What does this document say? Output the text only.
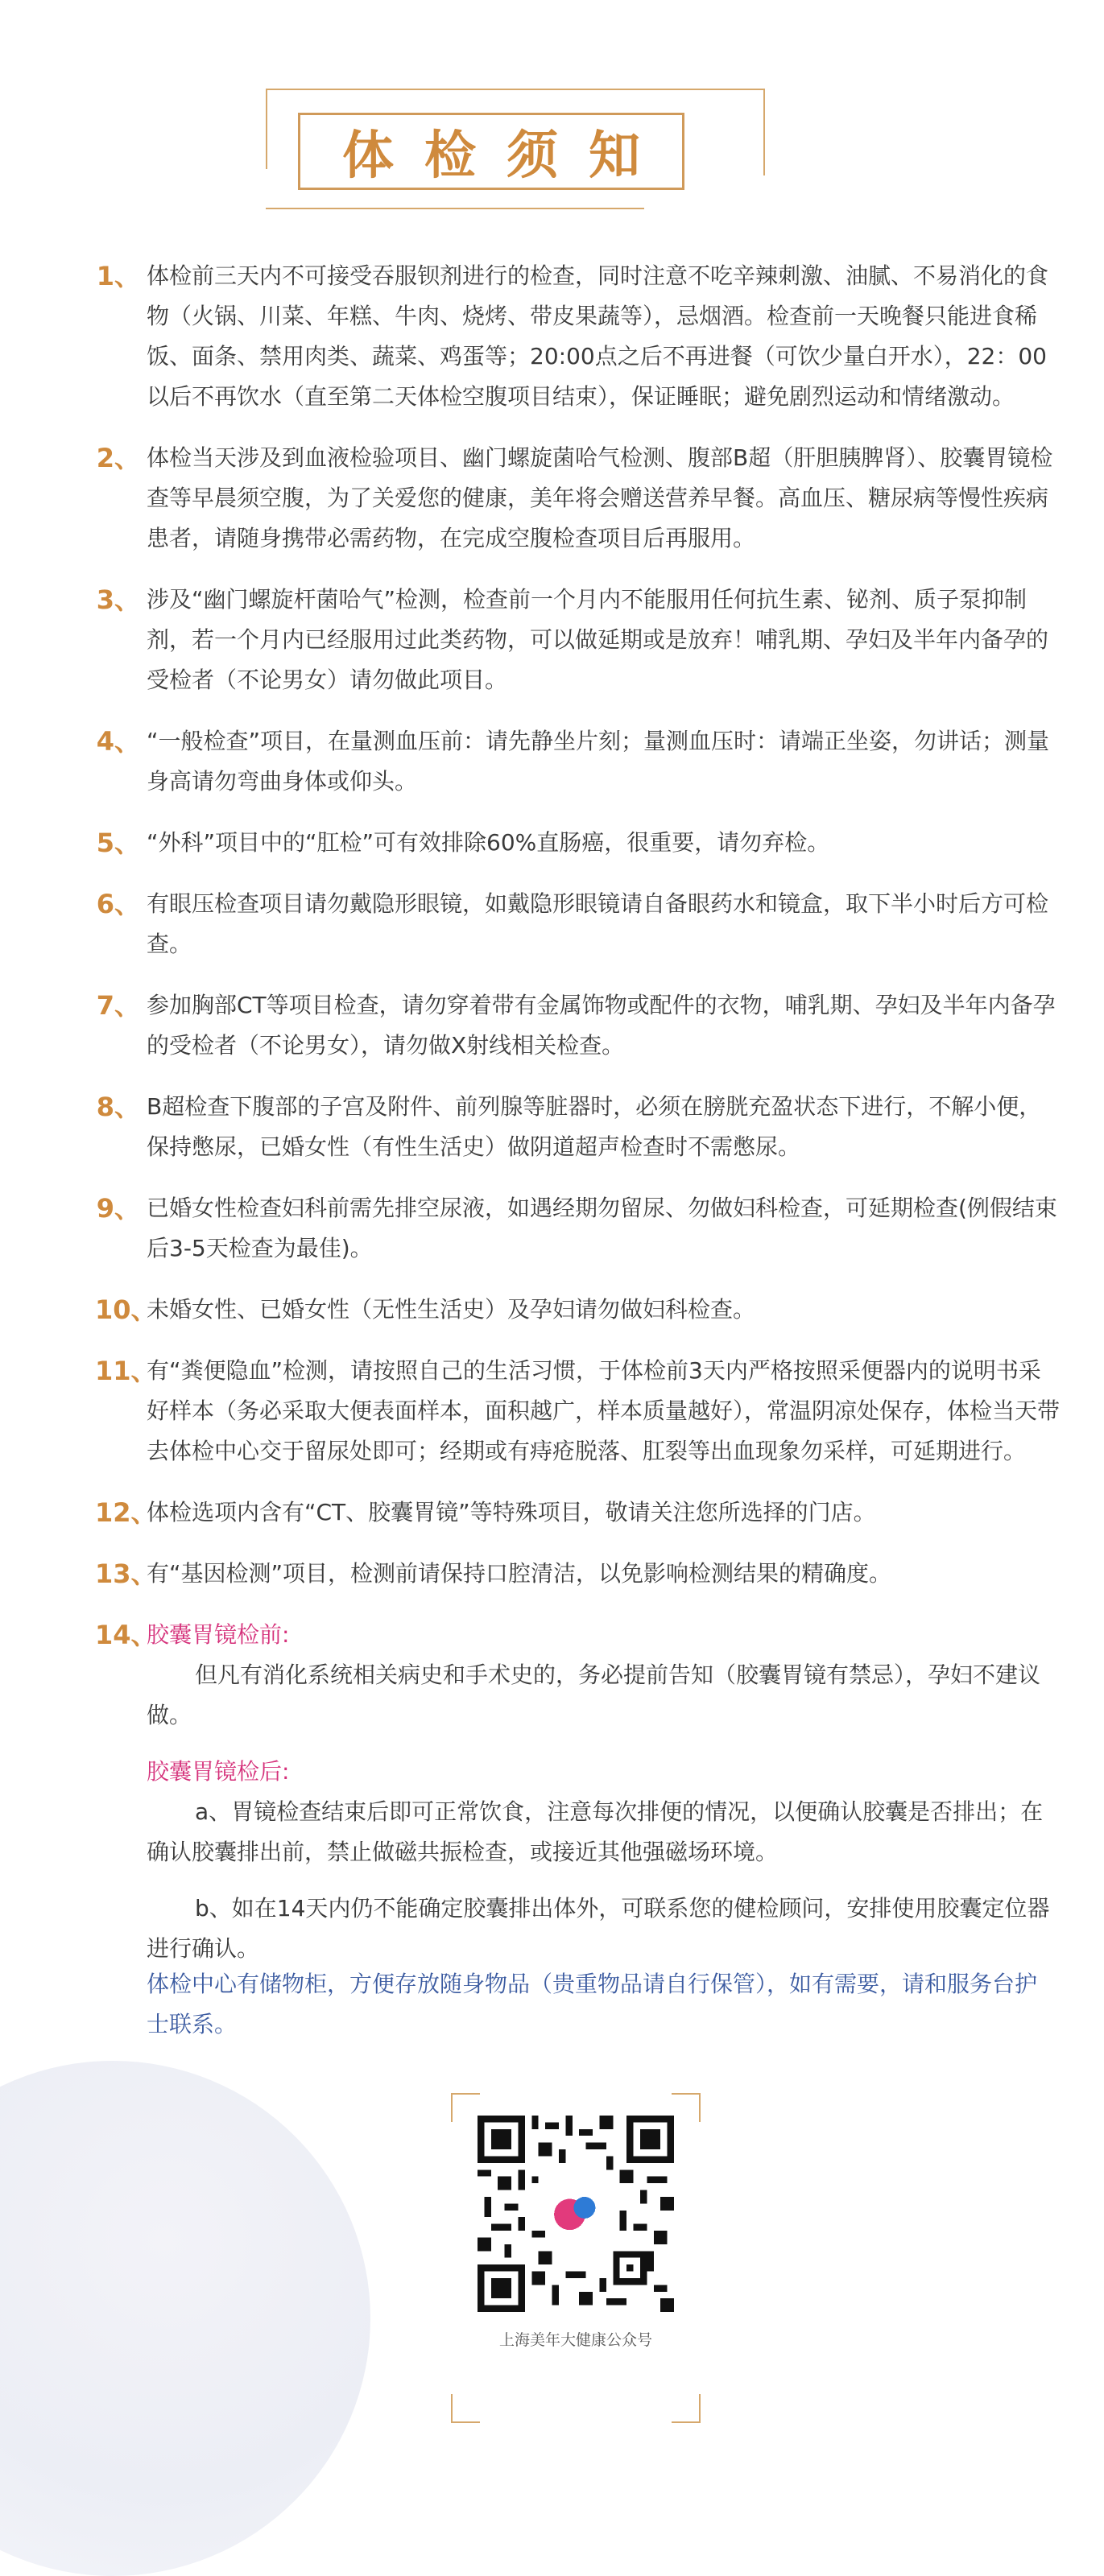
体检须知
1、 体检前三天内不可接受吞服钡剂进行的检查，同时注意不吃辛辣刺激、油腻、不易消化的食物（火锅、川菜、年糕、牛肉、烧烤、带皮果蔬等），忌烟酒。检查前一天晚餐只能进食稀饭、面条、禁用肉类、蔬菜、鸡蛋等；20:00点之后不再进餐（可饮少量白开水），22：00以后不再饮水（直至第二天体检空腹项目结束），保证睡眠；避免剧烈运动和情绪激动。
2、 体检当天涉及到血液检验项目、幽门螺旋菌哈气检测、腹部B超（肝胆胰脾肾）、胶囊胃镜检查等早晨须空腹，为了关爱您的健康，美年将会赠送营养早餐。高血压、糖尿病等慢性疾病患者，请随身携带必需药物，在完成空腹检查项目后再服用。
3、 涉及“幽门螺旋杆菌哈气”检测，检查前一个月内不能服用任何抗生素、铋剂、质子泵抑制剂，若一个月内已经服用过此类药物，可以做延期或是放弃！哺乳期、孕妇及半年内备孕的受检者（不论男女）请勿做此项目。
4、 “一般检查”项目，在量测血压前：请先静坐片刻；量测血压时：请端正坐姿，勿讲话；测量身高请勿弯曲身体或仰头。
5、 “外科”项目中的“肛检”可有效排除60%直肠癌，很重要，请勿弃检。
6、 有眼压检查项目请勿戴隐形眼镜，如戴隐形眼镜请自备眼药水和镜盒，取下半小时后方可检查。
7、 参加胸部CT等项目检查，请勿穿着带有金属饰物或配件的衣物，哺乳期、孕妇及半年内备孕的受检者（不论男女），请勿做X射线相关检查。
8、 B超检查下腹部的子宫及附件、前列腺等脏器时，必须在膀胱充盈状态下进行，不解小便，保持憋尿，已婚女性（有性生活史）做阴道超声检查时不需憋尿。
9、 已婚女性检查妇科前需先排空尿液，如遇经期勿留尿、勿做妇科检查，可延期检查(例假结束后3-5天检查为最佳)。
10、
未婚女性、已婚女性（无性生活史）及孕妇请勿做妇科检查。
11、
有“粪便隐血”检测，请按照自己的生活习惯，于体检前3天内严格按照采便器内的说明书采好样本（务必采取大便表面样本，面积越广，样本质量越好），常温阴凉处保存，体检当天带去体检中心交于留尿处即可；经期或有痔疮脱落、肛裂等出血现象勿采样，可延期进行。
12、
体检选项内含有“CT、胶囊胃镜”等特殊项目，敬请关注您所选择的门店。
13、
有“基因检测”项目，检测前请保持口腔清洁，以免影响检测结果的精确度。
14、
胶囊胃镜检前:
但凡有消化系统相关病史和手术史的，务必提前告知（胶囊胃镜有禁忌），孕妇不建议做。
胶囊胃镜检后:
a、胃镜检查结束后即可正常饮食，注意每次排便的情况，以便确认胶囊是否排出；在确认胶囊排出前，禁止做磁共振检查，或接近其他强磁场环境。
b、如在14天内仍不能确定胶囊排出体外，可联系您的健检顾问，安排使用胶囊定位器进行确认。
体检中心有储物柜，方便存放随身物品（贵重物品请自行保管），如有需要，请和服务台护士联系。
上海美年大健康公众号
